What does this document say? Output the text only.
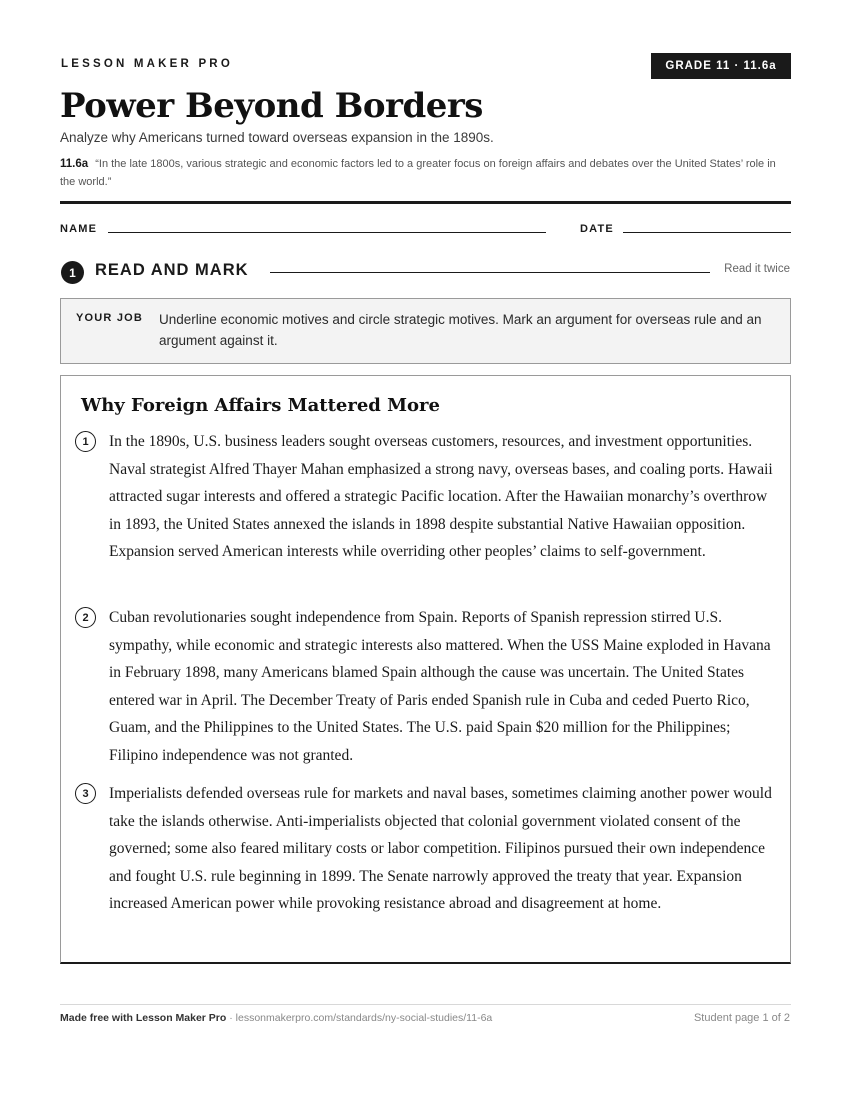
LESSON MAKER PRO	GRADE 11 · 11.6a
Power Beyond Borders
Analyze why Americans turned toward overseas expansion in the 1890s.
11.6a “In the late 1800s, various strategic and economic factors led to a greater focus on foreign affairs and debates over the United States’ role in the world.”
NAME	DATE
1	READ AND MARK	Read it twice
YOUR JOB Underline economic motives and circle strategic motives. Mark an argument for overseas rule and an argument against it.
Why Foreign Affairs Mattered More
1	In the 1890s, U.S. business leaders sought overseas customers, resources, and investment opportunities. Naval strategist Alfred Thayer Mahan emphasized a strong navy, overseas bases, and coaling ports. Hawaii attracted sugar interests and offered a strategic Pacific location. After the Hawaiian monarchy’s overthrow in 1893, the United States annexed the islands in 1898 despite substantial Native Hawaiian opposition. Expansion served American interests while overriding other peoples’ claims to self-government.
2	Cuban revolutionaries sought independence from Spain. Reports of Spanish repression stirred U.S. sympathy, while economic and strategic interests also mattered. When the USS Maine exploded in Havana in February 1898, many Americans blamed Spain although the cause was uncertain. The United States entered war in April. The December Treaty of Paris ended Spanish rule in Cuba and ceded Puerto Rico, Guam, and the Philippines to the United States. The U.S. paid Spain $20 million for the Philippines; Filipino independence was not granted.
3	Imperialists defended overseas rule for markets and naval bases, sometimes claiming another power would take the islands otherwise. Anti-imperialists objected that colonial government violated consent of the governed; some also feared military costs or labor competition. Filipinos pursued their own independence and fought U.S. rule beginning in 1899. The Senate narrowly approved the treaty that year. Expansion increased American power while provoking resistance abroad and disagreement at home.
Made free with Lesson Maker Pro · lessonmakerpro.com/standards/ny-social-studies/11-6a	Student page 1 of 2
